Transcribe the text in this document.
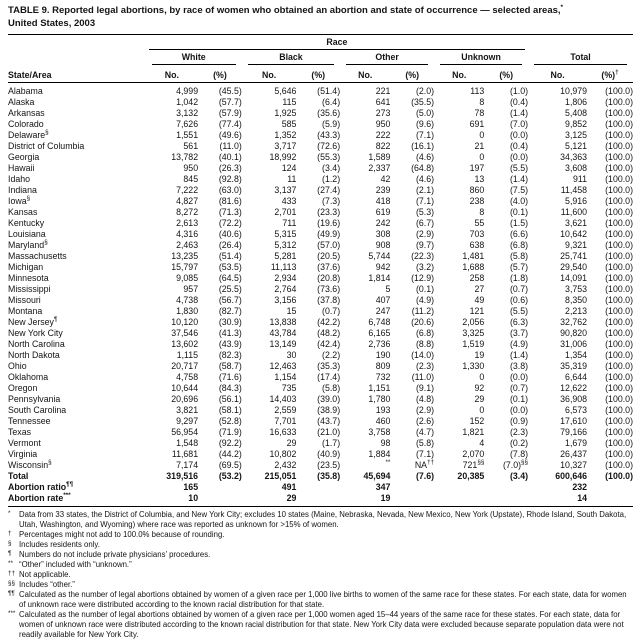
TABLE 9. Reported legal abortions, by race of women who obtained an abortion and state of occurrence — selected areas,*
United States, 2003

	Race									

	White		Black		Other		Unknown		Total	

State/Area	No.	(%)	No.	(%)	No.	(%)	No.	(%)	No.	(%)†
Alabama	4,999	(45.5)	5,646	(51.4)	221	(2.0)	113	(1.0)	10,979	(100.0)
Alaska	1,042	(57.7)	115	(6.4)	641	(35.5)	8	(0.4)	1,806	(100.0)
Arkansas	3,132	(57.9)	1,925	(35.6)	273	(5.0)	78	(1.4)	5,408	(100.0)
Colorado	7,626	(77.4)	585	(5.9)	950	(9.6)	691	(7.0)	9,852	(100.0)
Delaware§	1,551	(49.6)	1,352	(43.3)	222	(7.1)	0	(0.0)	3,125	(100.0)
District of Columbia	561	(11.0)	3,717	(72.6)	822	(16.1)	21	(0.4)	5,121	(100.0)
Georgia	13,782	(40.1)	18,992	(55.3)	1,589	(4.6)	0	(0.0)	34,363	(100.0)
Hawaii	950	(26.3)	124	(3.4)	2,337	(64.8)	197	(5.5)	3,608	(100.0)
Idaho	845	(92.8)	11	(1.2)	42	(4.6)	13	(1.4)	911	(100.0)
Indiana	7,222	(63.0)	3,137	(27.4)	239	(2.1)	860	(7.5)	11,458	(100.0)
Iowa§	4,827	(81.6)	433	(7.3)	418	(7.1)	238	(4.0)	5,916	(100.0)
Kansas	8,272	(71.3)	2,701	(23.3)	619	(5.3)	8	(0.1)	11,600	(100.0)
Kentucky	2,613	(72.2)	711	(19.6)	242	(6.7)	55	(1.5)	3,621	(100.0)
Louisiana	4,316	(40.6)	5,315	(49.9)	308	(2.9)	703	(6.6)	10,642	(100.0)
Maryland§	2,463	(26.4)	5,312	(57.0)	908	(9.7)	638	(6.8)	9,321	(100.0)
Massachusetts	13,235	(51.4)	5,281	(20.5)	5,744	(22.3)	1,481	(5.8)	25,741	(100.0)
Michigan	15,797	(53.5)	11,113	(37.6)	942	(3.2)	1,688	(5.7)	29,540	(100.0)
Minnesota	9,085	(64.5)	2,934	(20.8)	1,814	(12.9)	258	(1.8)	14,091	(100.0)
Mississippi	957	(25.5)	2,764	(73.6)	5	(0.1)	27	(0.7)	3,753	(100.0)
Missouri	4,738	(56.7)	3,156	(37.8)	407	(4.9)	49	(0.6)	8,350	(100.0)
Montana	1,830	(82.7)	15	(0.7)	247	(11.2)	121	(5.5)	2,213	(100.0)
New Jersey¶	10,120	(30.9)	13,838	(42.2)	6,748	(20.6)	2,056	(6.3)	32,762	(100.0)
New York City	37,546	(41.3)	43,784	(48.2)	6,165	(6.8)	3,325	(3.7)	90,820	(100.0)
North Carolina	13,602	(43.9)	13,149	(42.4)	2,736	(8.8)	1,519	(4.9)	31,006	(100.0)
North Dakota	1,115	(82.3)	30	(2.2)	190	(14.0)	19	(1.4)	1,354	(100.0)
Ohio	20,717	(58.7)	12,463	(35.3)	809	(2.3)	1,330	(3.8)	35,319	(100.0)
Oklahoma	4,758	(71.6)	1,154	(17.4)	732	(11.0)	0	(0.0)	6,644	(100.0)
Oregon	10,644	(84.3)	735	(5.8)	1,151	(9.1)	92	(0.7)	12,622	(100.0)
Pennsylvania	20,696	(56.1)	14,403	(39.0)	1,780	(4.8)	29	(0.1)	36,908	(100.0)
South Carolina	3,821	(58.1)	2,559	(38.9)	193	(2.9)	0	(0.0)	6,573	(100.0)
Tennessee	9,297	(52.8)	7,701	(43.7)	460	(2.6)	152	(0.9)	17,610	(100.0)
Texas	56,954	(71.9)	16,633	(21.0)	3,758	(4.7)	1,821	(2.3)	79,166	(100.0)
Vermont	1,548	(92.2)	29	(1.7)	98	(5.8)	4	(0.2)	1,679	(100.0)
Virginia	11,681	(44.2)	10,802	(40.9)	1,884	(7.1)	2,070	(7.8)	26,437	(100.0)
Wisconsin§	7,174	(69.5)	2,432	(23.5)	**	NA††	721§§	(7.0)§§	10,327	(100.0)
Total	319,516	(53.2)	215,051	(35.8)	45,694	(7.6)	20,385	(3.4)	600,646	(100.0)
Abortion ratio¶¶	165		491		347				232	
Abortion rate***	10		29		19				14	
*	Data from 33 states, the District of Columbia, and New York City; excludes 10 states (Maine, Nebraska, Nevada, New Mexico, New York (Upstate), Rhode Island, South Dakota, Utah, Washington, and Wyoming) where race was reported as unknown for >15% of women.
† Percentages might not add to 100.0% because of rounding.
§ Includes residents only.
¶ Numbers do not include private physicians’ procedures.
** “Other” included with “unknown.”
†† Not applicable.
§§ Includes “other.”
¶¶ Calculated as the number of legal abortions obtained by women of a given race per 1,000 live births to women of the same race for these states. For each state, data for women of unknown race were distributed according to the known racial distribution for that state.
*** Calculated as the number of legal abortions obtained by women of a given race per 1,000 women aged 15–44 years of the same race for these states. For each state, data for women of unknown race were distributed according to the known racial distribution for that state. New York City data were excluded because separate population data were not readily available for New York City.
